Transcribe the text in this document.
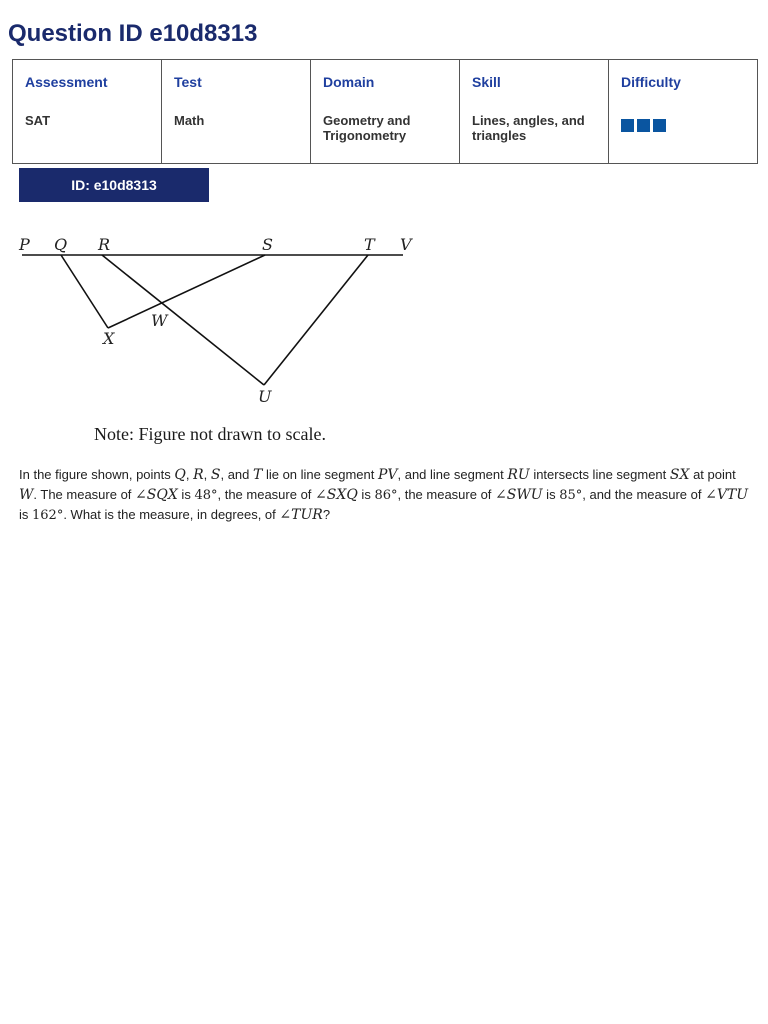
Question ID e10d8313
Assessment
SAT

Test
Math

Domain
Geometry and
Trigonometry

Skill
Lines, angles, and
triangles

Difficulty
ID: e10d8313
P Q R	S	T V
W
X
U

Note: Figure not drawn to scale.

In the figure shown, points Q, R, S, and T lie on line segment PV, and line segment RU intersects line segment SX at point W. The measure of ∠SQX is 48°, the measure of ∠SXQ is 86°, the measure of ∠SWU is 85°, and the measure of ∠VTU is 162°. What is the measure, in degrees, of ∠TUR?
